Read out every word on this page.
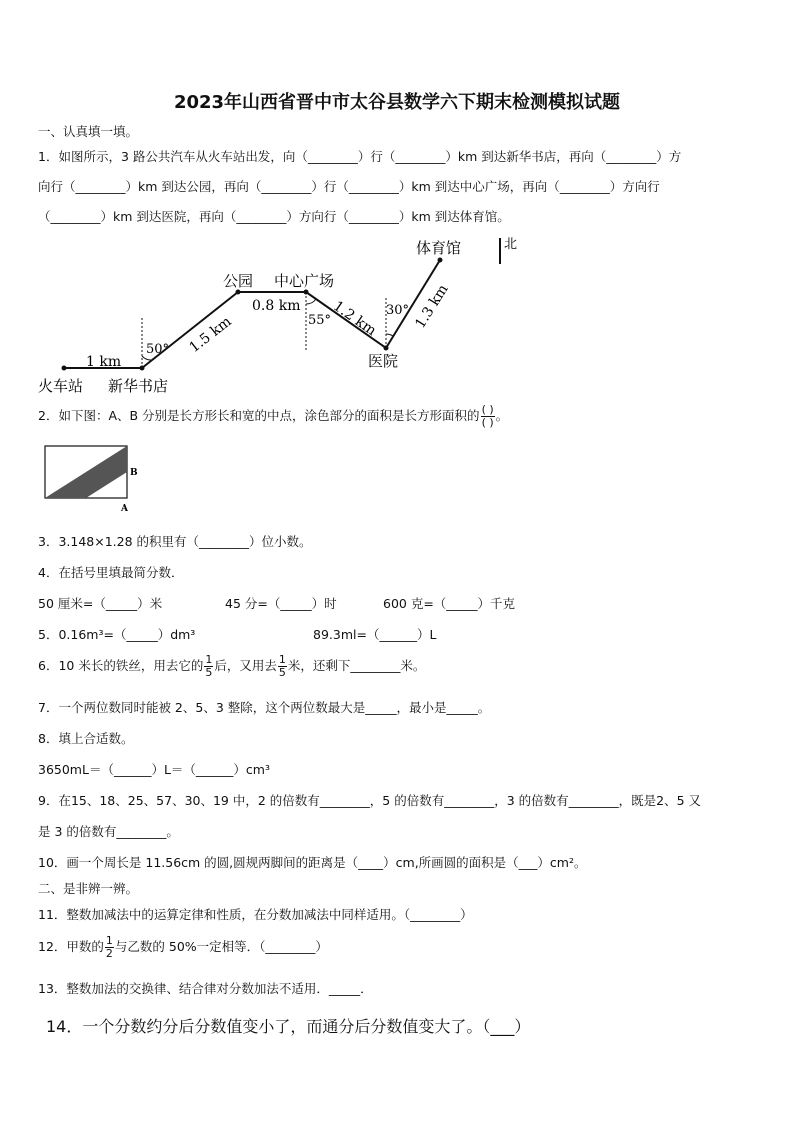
2023年山西省晋中市太谷县数学六下期末检测模拟试题
一、认真填一填。
1．如图所示，3 路公共汽车从火车站出发，向（________）行（________）km 到达新华书店，再向（________）方
向行（________）km 到达公园，再向（________）行（________）km 到达中心广场，再向（________）方向行
（________）km 到达医院，再向（________）方向行（________）km 到达体育馆。
北
火车站 新华书店
公园 中心广场
医院
体育馆
1 km
1.5 km
0.8 km 1.2 km 1.3 km
50°
55°
30°
2．如下图：A、B 分别是长方形长和宽的中点，涂色部分的面积是长方形面积的 $\frac{( )}{( )}$ 。
A
B
3．3.148×1.28 的积里有（________）位小数。
4．在括号里填最简分数．
50 厘米=（_____）米	45 分=（_____）时	600 克=（_____）千克
5．0.16m³=（_____）dm³	89.3ml=（______）L
6．10 米长的铁丝，用去它的 $\frac{1}{5}$ 后，又用去 $\frac{1}{5}$ 米，还剩下________米。
7．一个两位数同时能被 2、5、3 整除，这个两位数最大是_____，最小是_____。
8．填上合适数。
3650mL＝（______）L＝（______）cm³
9．在15、18、25、57、30、19 中，2 的倍数有________，5 的倍数有________，3 的倍数有________，既是2、5 又
是 3 的倍数有________。
10．画一个周长是 11.56cm 的圆,圆规两脚间的距离是（____）cm,所画圆的面积是（___）cm²。
二、是非辨一辨。
11．整数加减法中的运算定律和性质，在分数加减法中同样适用。（________）
12．甲数的 $\frac{1}{2}$ 与乙数的 50%一定相等．（________）
13．整数加法的交换律、结合律对分数加法不适用．_____．
14．一个分数约分后分数值变小了，而通分后分数值变大了。（___）
